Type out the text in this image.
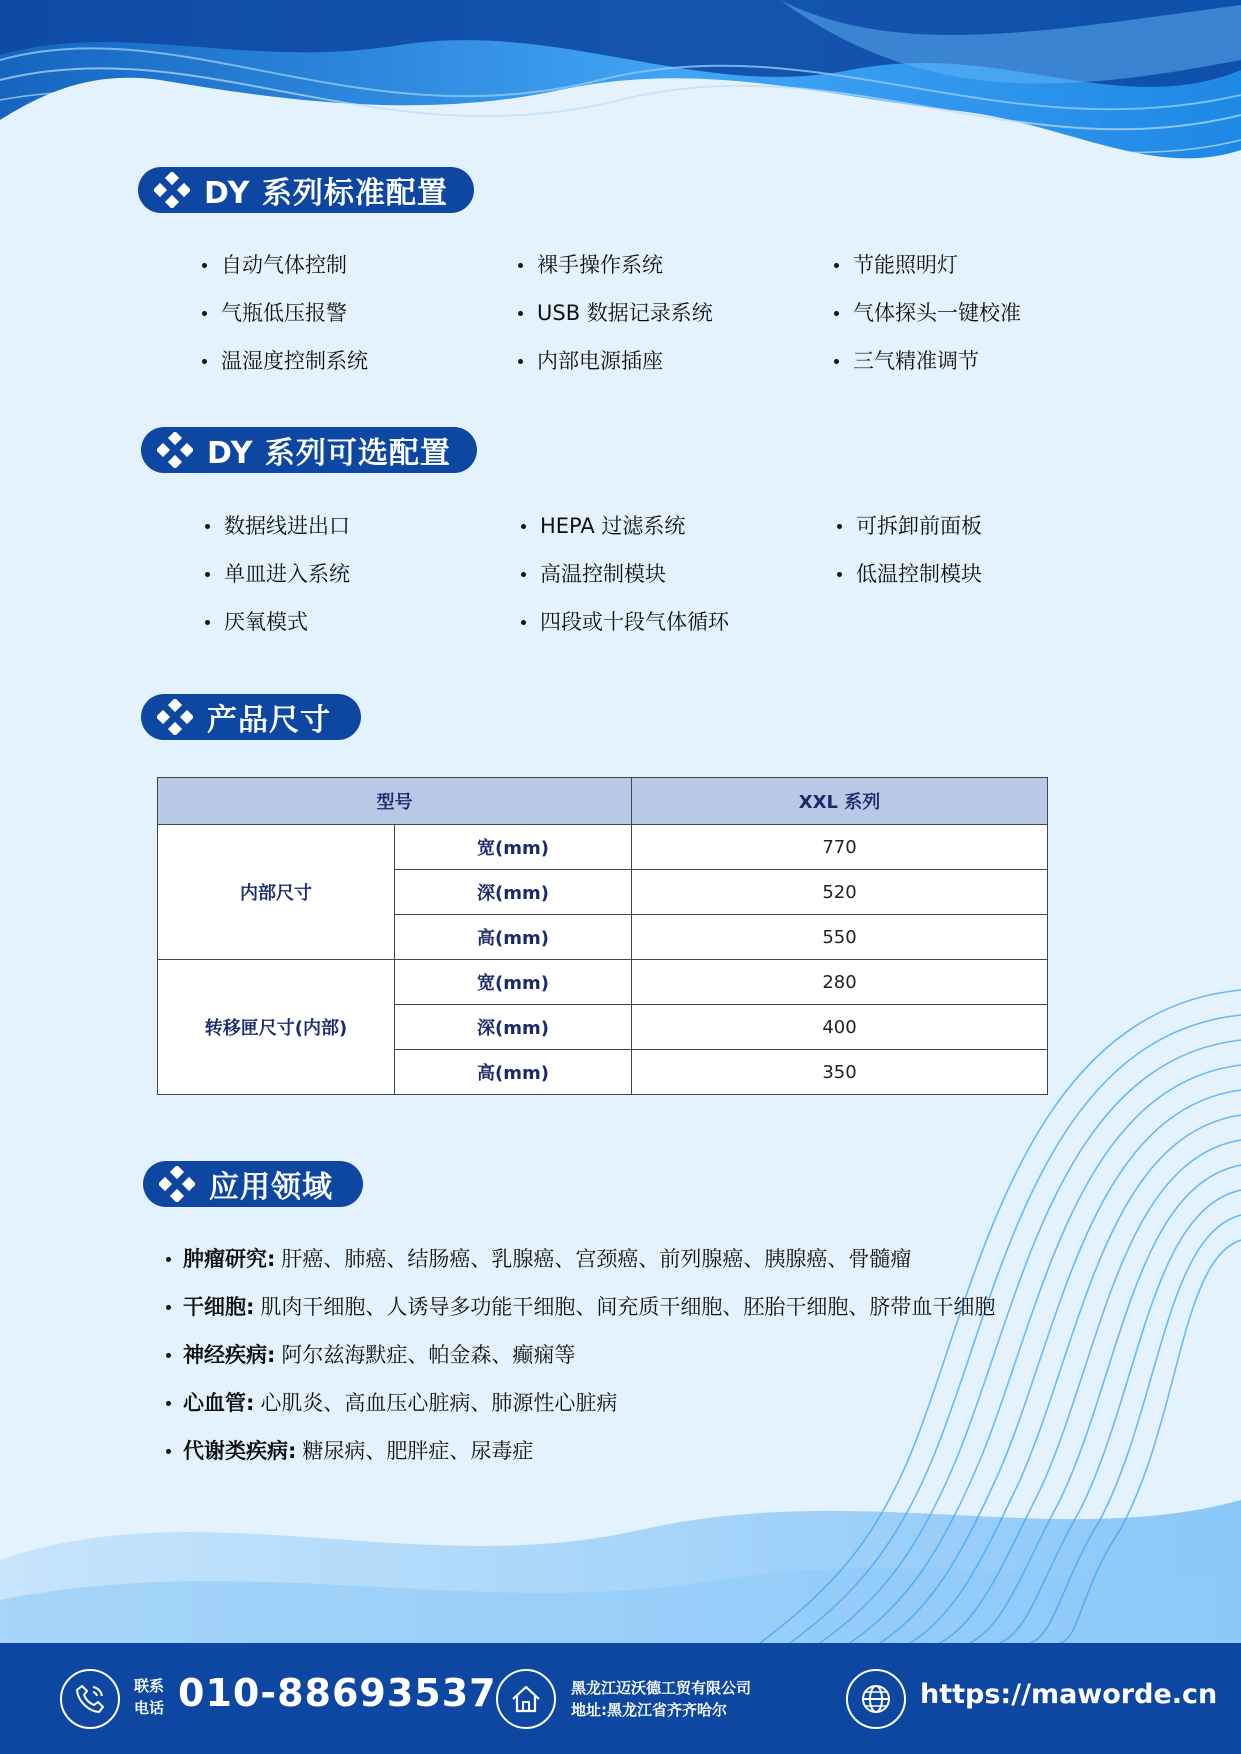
DY 系列标准配置
自动气体控制	裸手操作系统	节能照明灯
气瓶低压报警	USB 数据记录系统	气体探头一键校准
温湿度控制系统	内部电源插座	三气精准调节
DY 系列可选配置
数据线进出口	HEPA 过滤系统	可拆卸前面板
单皿进入系统	高温控制模块	低温控制模块
厌氧模式	四段或十段气体循环
产品尺寸
型号		XXL 系列
内部尺寸	宽(mm)	770
	深(mm)	520
	高(mm)	550
转移匣尺寸(内部)	宽(mm)	280
	深(mm)	400
	高(mm)	350
应用领域
肿瘤研究: 肝癌、肺癌、结肠癌、乳腺癌、宫颈癌、前列腺癌、胰腺癌、骨髓瘤
干细胞: 肌肉干细胞、人诱导多功能干细胞、间充质干细胞、胚胎干细胞、脐带血干细胞
神经疾病: 阿尔兹海默症、帕金森、癫痫等
心血管: 心肌炎、高血压心脏病、肺源性心脏病
代谢类疾病: 糖尿病、肥胖症、尿毒症
联系
电话 010-88693537	黑龙江迈沃德工贸有限公司
地址:黑龙江省齐齐哈尔	https://maworde.cn
